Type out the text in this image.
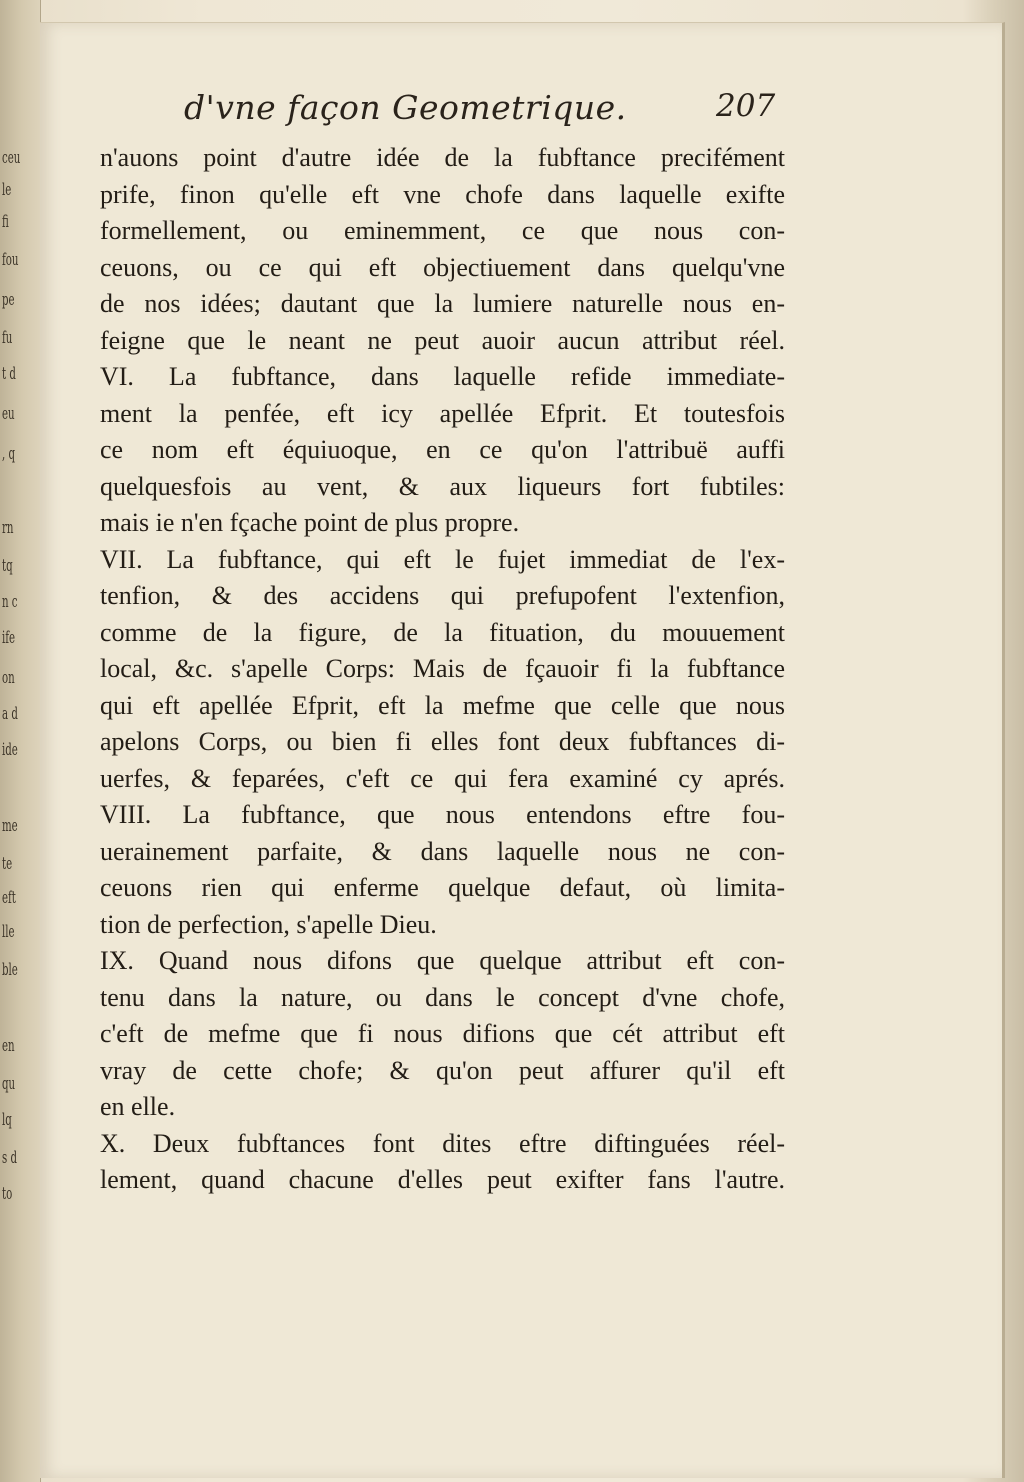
ceu
le
fi
fou
pe
fu
t d
eu
, q
rn
tq
n c
ife
on
a d
ide
me
te
eft
lle
ble
en
qu
lq
s d
to
d'vne façon Geometrique.	207
n'auons point d'autre idée de la fubftance precifément
prife, finon qu'elle eft vne chofe dans laquelle exifte
formellement, ou eminemment, ce que nous con-
ceuons, ou ce qui eft objectiuement dans quelqu'vne
de nos idées; dautant que la lumiere naturelle nous en-
feigne que le neant ne peut auoir aucun attribut réel.
VI. La fubftance, dans laquelle refide immediate-
ment la penfée, eft icy apellée Efprit. Et toutesfois
ce nom eft équiuoque, en ce qu'on l'attribuë auffi
quelquesfois au vent, & aux liqueurs fort fubtiles:
mais ie n'en fçache point de plus propre.
VII. La fubftance, qui eft le fujet immediat de l'ex-
tenfion, & des accidens qui prefupofent l'extenfion,
comme de la figure, de la fituation, du mouuement
local, &c. s'apelle Corps: Mais de fçauoir fi la fubftance
qui eft apellée Efprit, eft la mefme que celle que nous
apelons Corps, ou bien fi elles font deux fubftances di-
uerfes, & feparées, c'eft ce qui fera examiné cy aprés.
VIII. La fubftance, que nous entendons eftre fou-
uerainement parfaite, & dans laquelle nous ne con-
ceuons rien qui enferme quelque defaut, où limita-
tion de perfection, s'apelle Dieu.
IX. Quand nous difons que quelque attribut eft con-
tenu dans la nature, ou dans le concept d'vne chofe,
c'eft de mefme que fi nous difions que cét attribut eft
vray de cette chofe; & qu'on peut affurer qu'il eft
en elle.
X. Deux fubftances font dites eftre diftinguées réel-
lement, quand chacune d'elles peut exifter fans l'autre.
